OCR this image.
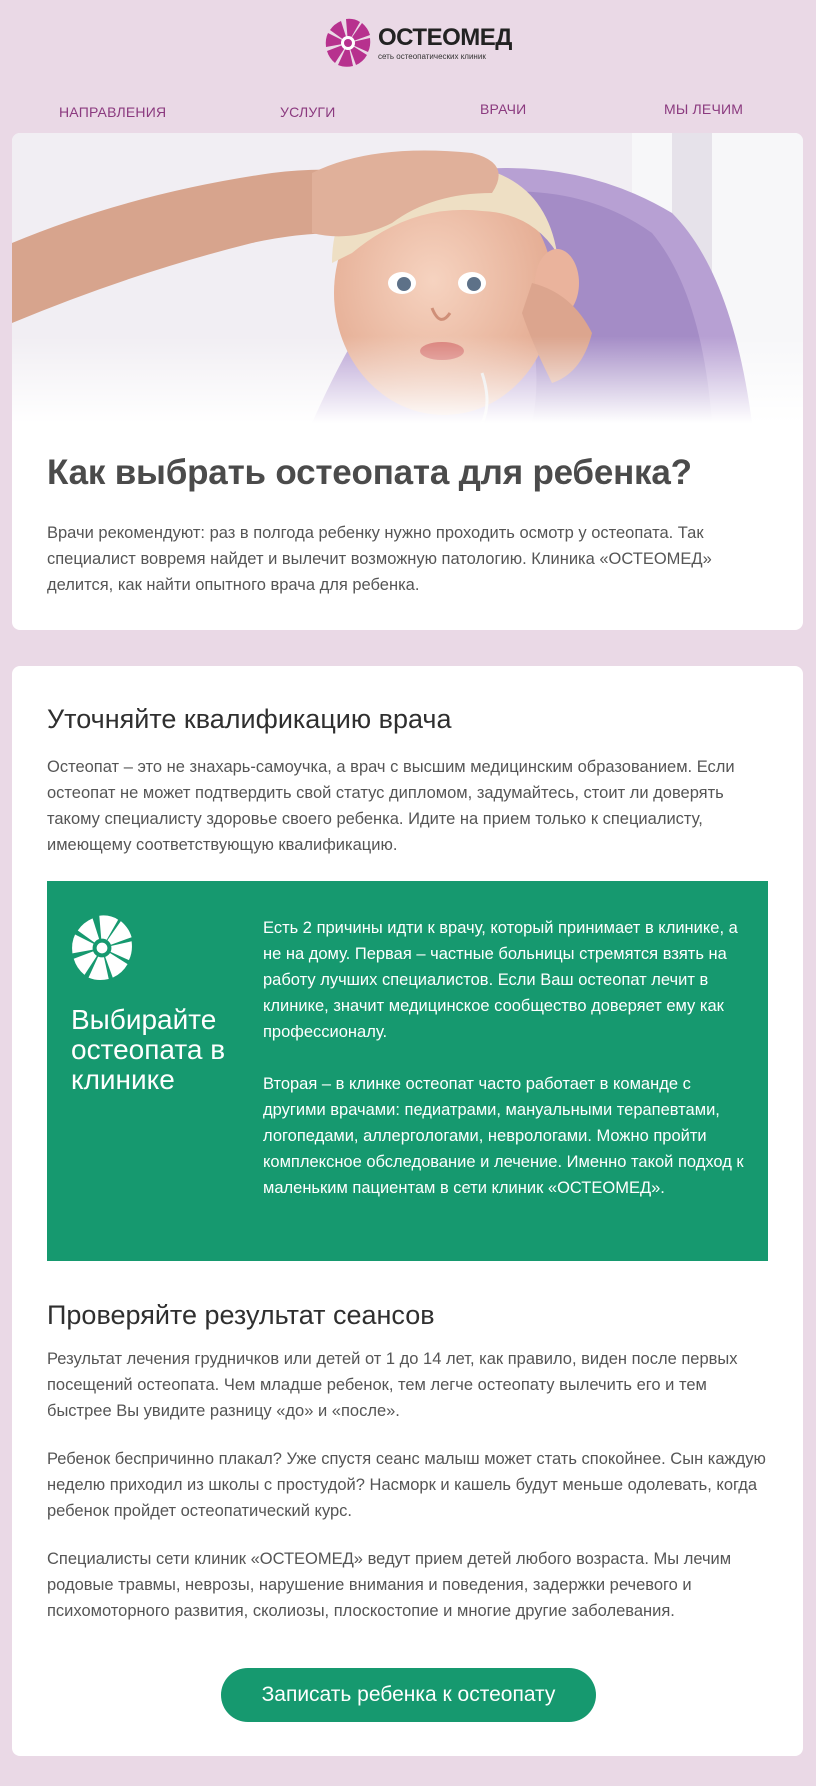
ОСТЕОМЕД
сеть остеопатических клиник
НАПРАВЛЕНИЯ	УСЛУГИ	ВРАЧИ	МЫ ЛЕЧИМ
Как выбрать остеопата для ребенка?

Врачи рекомендуют: раз в полгода ребенку нужно проходить осмотр у остеопата. Так специалист вовремя найдет и вылечит возможную патологию. Клиника «ОСТЕОМЕД» делится, как найти опытного врача для ребенка.

Уточняйте квалификацию врача

Остеопат – это не знахарь-самоучка, а врач с высшим медицинским образованием. Если остеопат не может подтвердить свой статус дипломом, задумайтесь, стоит ли доверять такому специалисту здоровье своего ребенка. Идите на прием только к специалисту, имеющему соответствующую квалификацию.

Выбирайте остеопата в клинике

Есть 2 причины идти к врачу, который принимает в клинике, а не на дому. Первая – частные больницы стремятся взять на работу лучших специалистов. Если Ваш остеопат лечит в клинике, значит медицинское сообщество доверяет ему как профессионалу.

Вторая – в клинке остеопат часто работает в команде с другими врачами: педиатрами, мануальными терапевтами, логопедами, аллергологами, неврологами. Можно пройти комплексное обследование и лечение. Именно такой подход к маленьким пациентам в сети клиник «ОСТЕОМЕД».

Проверяйте результат сеансов

Результат лечения грудничков или детей от 1 до 14 лет, как правило, виден после первых посещений остеопата. Чем младше ребенок, тем легче остеопату вылечить его и тем быстрее Вы увидите разницу «до» и «после».

Ребенок беспричинно плакал? Уже спустя сеанс малыш может стать спокойнее. Сын каждую неделю приходил из школы с простудой? Насморк и кашель будут меньше одолевать, когда ребенок пройдет остеопатический курс.

Специалисты сети клиник «ОСТЕОМЕД» ведут прием детей любого возраста. Мы лечим родовые травмы, неврозы, нарушение внимания и поведения, задержки речевого и психомоторного развития, сколиозы, плоскостопие и многие другие заболевания.

Записать ребенка к остеопату
